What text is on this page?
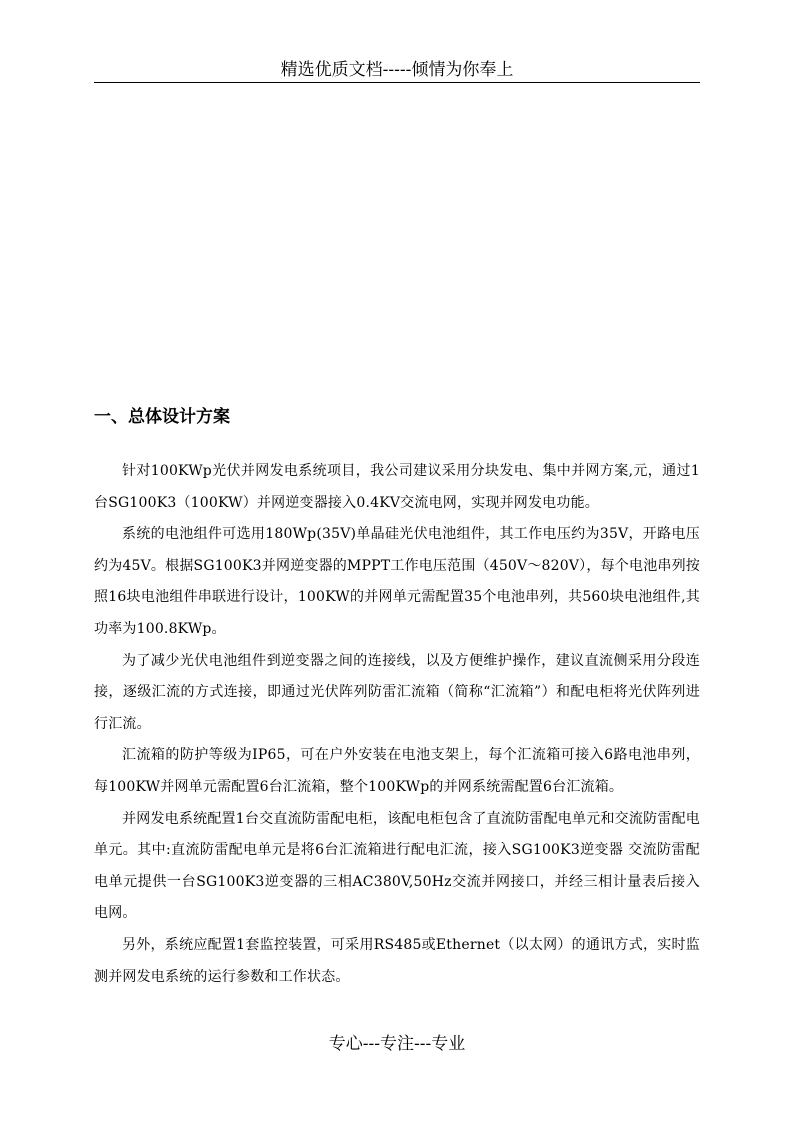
精选优质文档-----倾情为你奉上
一、总体设计方案

针对100KWp光伏并网发电系统项目，我公司建议采用分块发电、集中并网方案,元，通过1台SG100K3（100KW）并网逆变器接入0.4KV交流电网，实现并网发电功能。

系统的电池组件可选用180Wp(35V)单晶硅光伏电池组件，其工作电压约为35V，开路电压约为45V。根据SG100K3并网逆变器的MPPT工作电压范围（450V～820V），每个电池串列按照16块电池组件串联进行设计，100KW的并网单元需配置35个电池串列，共560块电池组件,其功率为100.8KWp。

为了减少光伏电池组件到逆变器之间的连接线，以及方便维护操作，建议直流侧采用分段连接，逐级汇流的方式连接，即通过光伏阵列防雷汇流箱（简称“汇流箱”）和配电柜将光伏阵列进行汇流。

汇流箱的防护等级为IP65，可在户外安装在电池支架上，每个汇流箱可接入6路电池串列，每100KW并网单元需配置6台汇流箱，整个100KWp的并网系统需配置6台汇流箱。

并网发电系统配置1台交直流防雷配电柜，该配电柜包含了直流防雷配电单元和交流防雷配电单元。其中:直流防雷配电单元是将6台汇流箱进行配电汇流，接入SG100K3逆变器 交流防雷配电单元提供一台SG100K3逆变器的三相AC380V,50Hz交流并网接口，并经三相计量表后接入电网。

另外，系统应配置1套监控装置，可采用RS485或Ethernet（以太网）的通讯方式，实时监测并网发电系统的运行参数和工作状态。

专心---专注---专业
